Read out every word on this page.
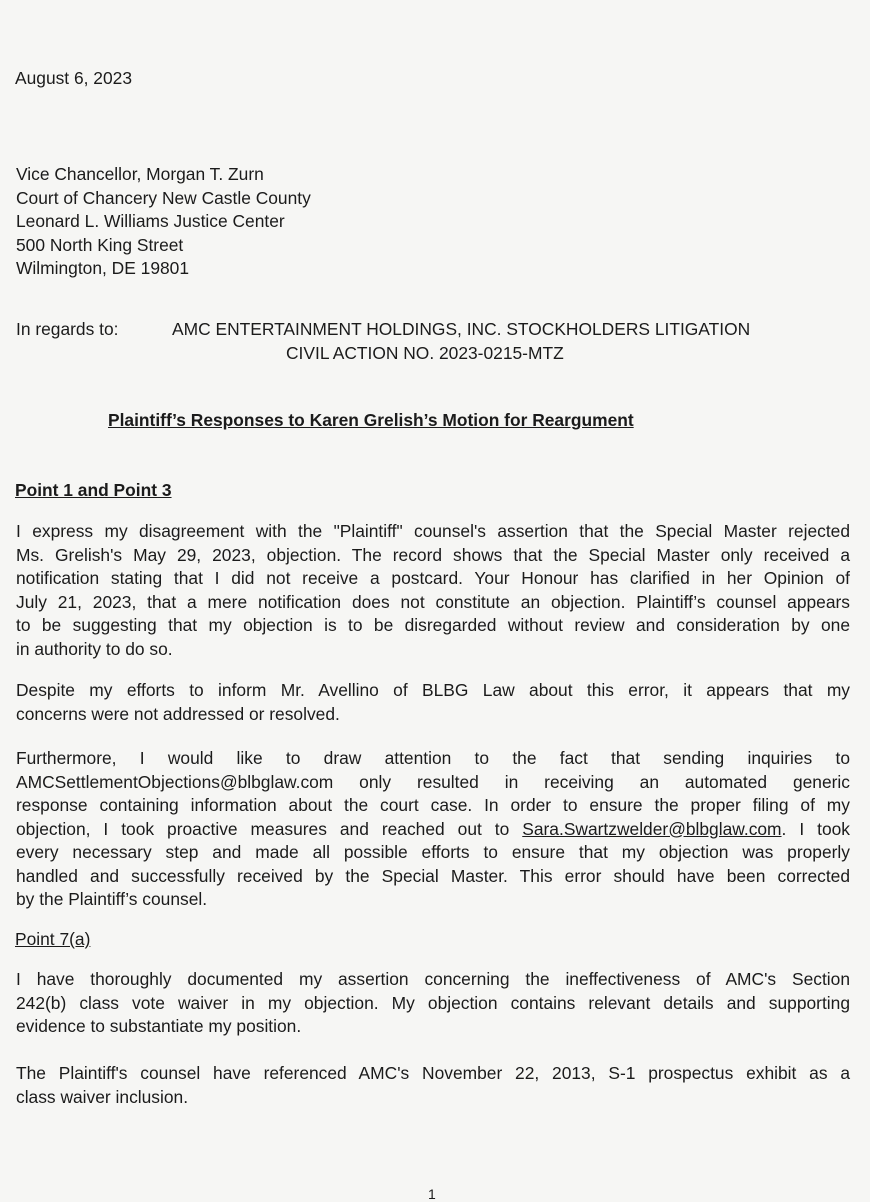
August 6, 2023
Vice Chancellor, Morgan T. Zurn
Court of Chancery New Castle County
Leonard L. Williams Justice Center
500 North King Street
Wilmington, DE 19801
In regards to:	AMC ENTERTAINMENT HOLDINGS, INC. STOCKHOLDERS LITIGATION
CIVIL ACTION NO. 2023-0215-MTZ
Plaintiff’s Responses to Karen Grelish’s Motion for Reargument
Point 1 and Point 3
I express my disagreement with the "Plaintiff" counsel's assertion that the Special Master rejected
Ms. Grelish's May 29, 2023, objection. The record shows that the Special Master only received a
notification stating that I did not receive a postcard. Your Honour has clarified in her Opinion of
July 21, 2023, that a mere notification does not constitute an objection. Plaintiff’s counsel appears
to be suggesting that my objection is to be disregarded without review and consideration by one
in authority to do so.
Despite my efforts to inform Mr. Avellino of BLBG Law about this error, it appears that my
concerns were not addressed or resolved.
Furthermore, I would like to draw attention to the fact that sending inquiries to
AMCSettlementObjections@blbglaw.com only resulted in receiving an automated generic
response containing information about the court case. In order to ensure the proper filing of my
objection, I took proactive measures and reached out to Sara.Swartzwelder@blbglaw.com. I took
every necessary step and made all possible efforts to ensure that my objection was properly
handled and successfully received by the Special Master. This error should have been corrected
by the Plaintiff’s counsel.
Point 7(a)
I have thoroughly documented my assertion concerning the ineffectiveness of AMC's Section
242(b) class vote waiver in my objection. My objection contains relevant details and supporting
evidence to substantiate my position.
The Plaintiff's counsel have referenced AMC's November 22, 2013, S-1 prospectus exhibit as a
class waiver inclusion.
1
